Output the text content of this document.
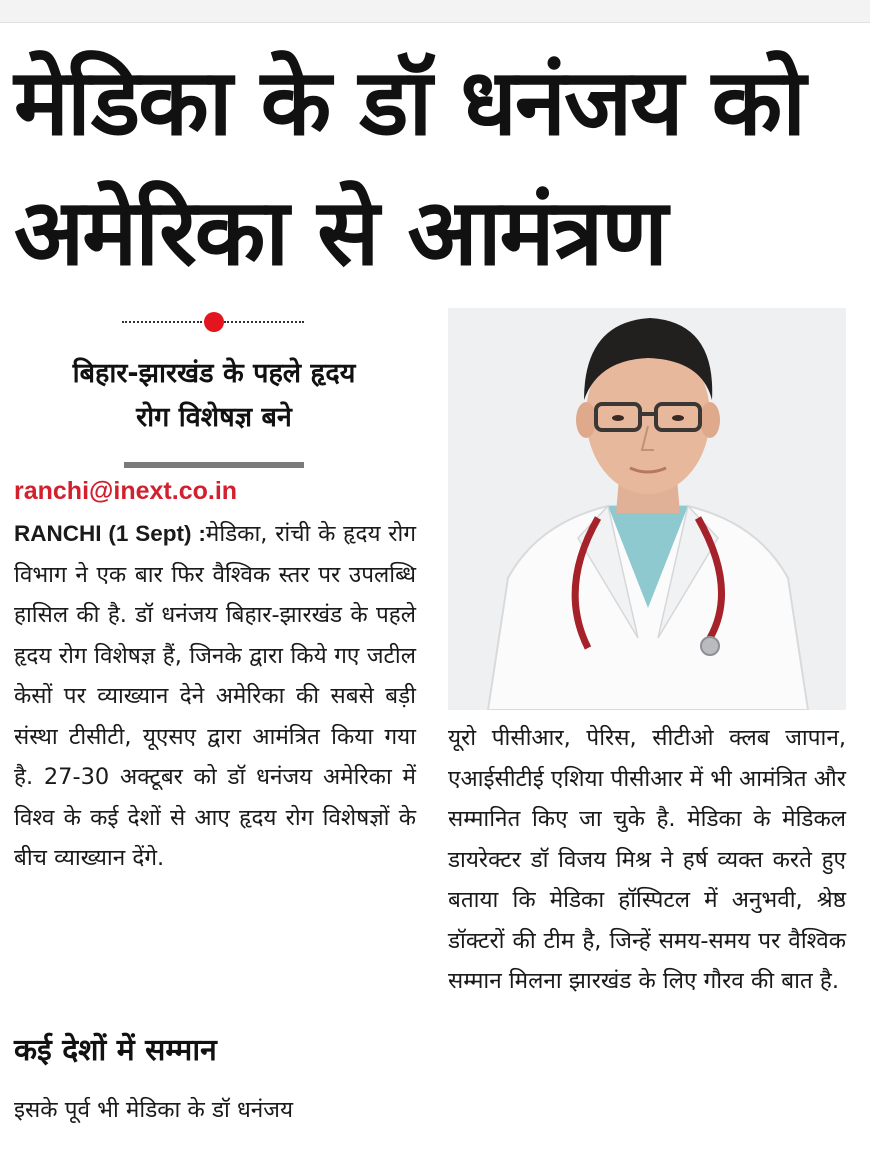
मेडिका के डॉ धनंजय को
अमेरिका से आमंत्रण
बिहार-झारखंड के पहले हृदय
रोग विशेषज्ञ बने
ranchi@inext.co.in

RANCHI (1 Sept) :मेडिका, रांची के हृदय रोग विभाग ने एक बार फिर वैश्विक स्तर पर उपलब्धि हासिल की है. डॉ धनंजय बिहार-झारखंड के पहले हृदय रोग विशेषज्ञ हैं, जिनके द्वारा किये गए जटील केसों पर व्याख्यान देने अमेरिका की सबसे बड़ी संस्था टीसीटी, यूएसए द्वारा आमंत्रित किया गया है. 27-30 अक्टूबर को डॉ धनंजय अमेरिका में विश्व के कई देशों से आए हृदय रोग विशेषज्ञों के बीच व्याख्यान देंगे.

कई देशों में सम्मान
इसके पूर्व भी मेडिका के डॉ धनंजय

यूरो पीसीआर, पेरिस, सीटीओ क्लब जापान, एआईसीटीई एशिया पीसीआर में भी आमंत्रित और सम्मानित किए जा चुके है. मेडिका के मेडिकल डायरेक्टर डॉ विजय मिश्र ने हर्ष व्यक्त करते हुए बताया कि मेडिका हॉस्पिटल में अनुभवी, श्रेष्ठ डॉक्टरों की टीम है, जिन्हें समय-समय पर वैश्विक सम्मान मिलना झारखंड के लिए गौरव की बात है.
